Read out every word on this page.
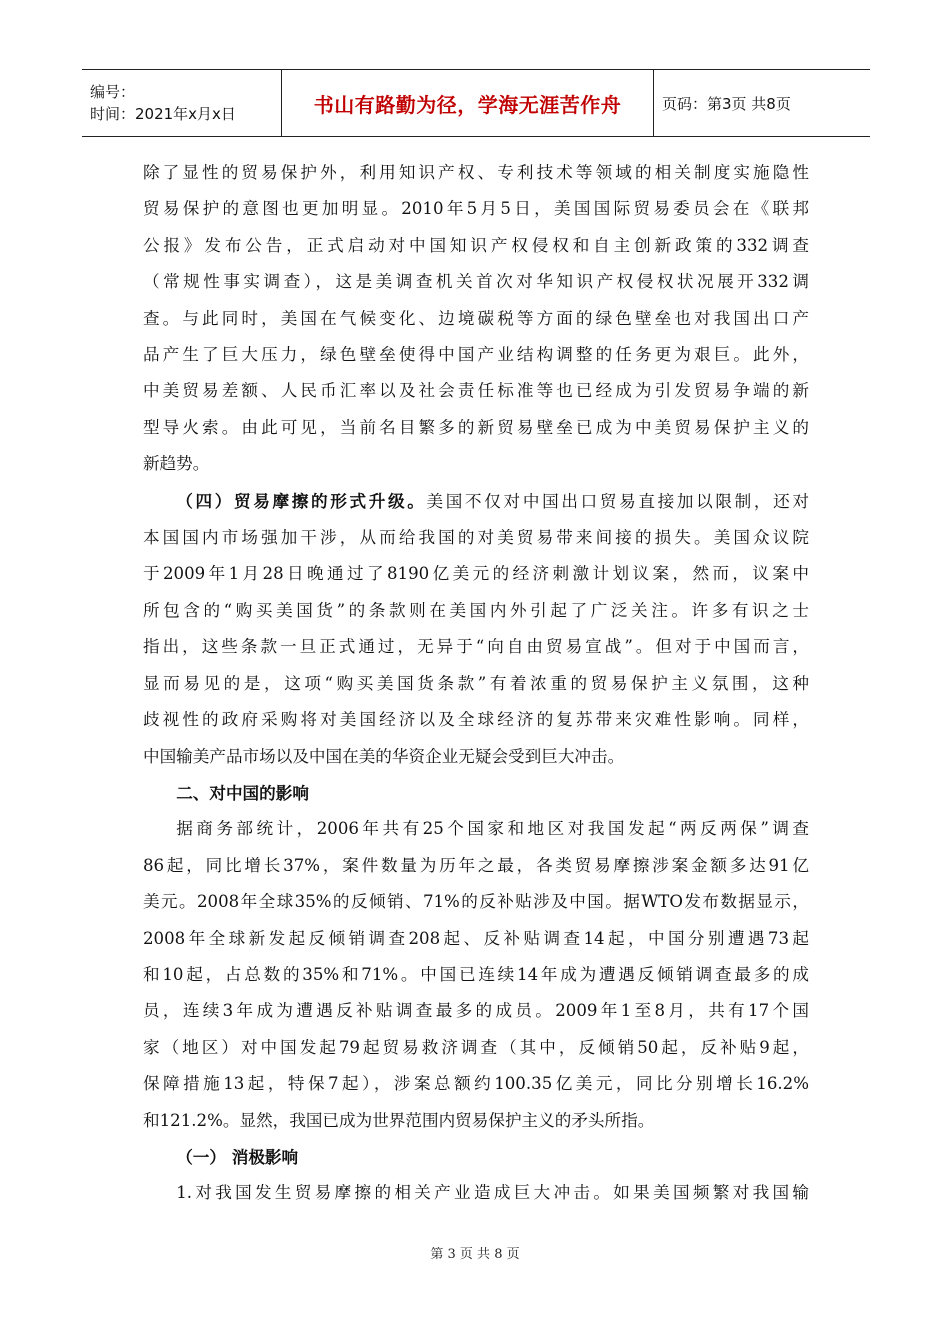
编号：
时间：2021年x月x日	书山有路勤为径，学海无涯苦作舟	页码：第3页 共8页

除了显性的贸易保护外，利用知识产权、专利技术等领域的相关制度实施隐性

贸易保护的意图也更加明显。2010年5月5日，美国国际贸易委员会在《联邦

公报》发布公告，正式启动对中国知识产权侵权和自主创新政策的332调查

（常规性事实调查），这是美调查机关首次对华知识产权侵权状况展开332调

查。与此同时，美国在气候变化、边境碳税等方面的绿色壁垒也对我国出口产

品产生了巨大压力，绿色壁垒使得中国产业结构调整的任务更为艰巨。此外，

中美贸易差额、人民币汇率以及社会责任标准等也已经成为引发贸易争端的新

型导火索。由此可见，当前名目繁多的新贸易壁垒已成为中美贸易保护主义的

新趋势。

（四）贸易摩擦的形式升级。美国不仅对中国出口贸易直接加以限制，还对

本国国内市场强加干涉，从而给我国的对美贸易带来间接的损失。美国众议院

于2009年1月28日晚通过了8190亿美元的经济刺激计划议案，然而，议案中

所包含的“购买美国货”的条款则在美国内外引起了广泛关注。许多有识之士

指出，这些条款一旦正式通过，无异于“向自由贸易宣战”。但对于中国而言，

显而易见的是，这项“购买美国货条款”有着浓重的贸易保护主义氛围，这种

歧视性的政府采购将对美国经济以及全球经济的复苏带来灾难性影响。同样，

中国输美产品市场以及中国在美的华资企业无疑会受到巨大冲击。

二、对中国的影响

据商务部统计，2006年共有25个国家和地区对我国发起“两反两保”调查

86起，同比增长37%，案件数量为历年之最，各类贸易摩擦涉案金额多达91亿

美元。2008年全球35%的反倾销、71%的反补贴涉及中国。据WTO发布数据显示，

2008年全球新发起反倾销调查208起、反补贴调查14起，中国分别遭遇73起

和10起，占总数的35%和71%。中国已连续14年成为遭遇反倾销调查最多的成

员，连续3年成为遭遇反补贴调查最多的成员。2009年1至8月，共有17个国

家（地区）对中国发起79起贸易救济调查（其中，反倾销50起，反补贴9起，

保障措施13起，特保7起），涉案总额约100.35亿美元，同比分别增长16.2%

和121.2%。显然，我国已成为世界范围内贸易保护主义的矛头所指。

（一） 消极影响

1.对我国发生贸易摩擦的相关产业造成巨大冲击。如果美国频繁对我国输

第 3 页 共 8 页
